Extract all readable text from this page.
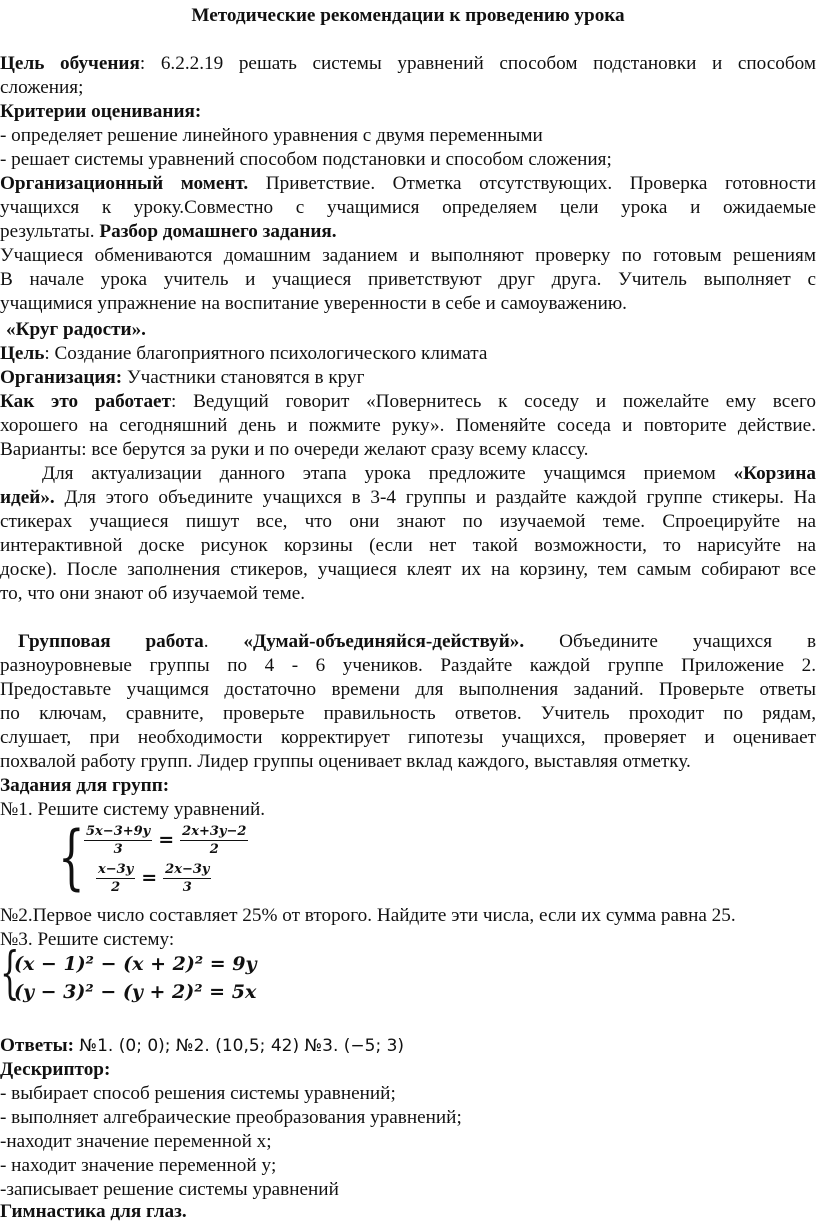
Методические рекомендации к проведению урока
Цель обучения: 6.2.2.19 решать системы уравнений способом подстановки и способом
сложения;
Критерии оценивания:
- определяет решение линейного уравнения с двумя переменными
- решает системы уравнений способом подстановки и способом сложения;
Организационный момент. Приветствие. Отметка отсутствующих. Проверка готовности
учащихся к уроку.Совместно с учащимися определяем цели урока и ожидаемые
результаты. Разбор домашнего задания.
Учащиеся обмениваются домашним заданием и выполняют проверку по готовым решениям
В начале урока учитель и учащиеся приветствуют друг друга. Учитель выполняет с
учащимися упражнение на воспитание уверенности в себе и самоуважению.
«Круг радости».
Цель: Создание благоприятного психологического климата
Организация: Участники становятся в круг
Как это работает: Ведущий говорит «Повернитесь к соседу и пожелайте ему всего
хорошего на сегодняшний день и пожмите руку». Поменяйте соседа и повторите действие.
Варианты: все берутся за руки и по очереди желают сразу всему классу.
Для актуализации данного этапа урока предложите учащимся приемом «Корзина
идей». Для этого объедините учащихся в 3-4 группы и раздайте каждой группе стикеры. На
стикерах учащиеся пишут все, что они знают по изучаемой теме. Спроецируйте на
интерактивной доске рисунок корзины (если нет такой возможности, то нарисуйте на
доске). После заполнения стикеров, учащиеся клеят их на корзину, тем самым собирают все
то, что они знают об изучаемой теме.
Групповая работа. «Думай-объединяйся-действуй». Объедините учащихся в
разноуровневые группы по 4 - 6 учеников. Раздайте каждой группе Приложение 2.
Предоставьте учащимся достаточно времени для выполнения заданий. Проверьте ответы
по ключам, сравните, проверьте правильность ответов. Учитель проходит по рядам,
слушает, при необходимости корректирует гипотезы учащихся, проверяет и оценивает
похвалой работу групп. Лидер группы оценивает вклад каждого, выставляя отметку.
Задания для групп:
№1. Решите систему уравнений.
{ $\frac{5x-3+9y}{3} = \frac{2x+3y-2}{2}$
$\frac{x-3y}{2} = \frac{2x-3y}{3}$
№2.Первое число составляет 25% от второго. Найдите эти числа, если их сумма равна 25.
№3. Решите систему:
{
(x − 1)² − (x + 2)² = 9y
(y − 3)² − (y + 2)² = 5x
Ответы: №1. (0; 0); №2. (10,5; 42) №3. (−5; 3)
Дескриптор:
- выбирает способ решения системы уравнений;
- выполняет алгебраические преобразования уравнений;
-находит значение переменной x;
- находит значение переменной y;
-записывает решение системы уравнений
Гимнастика для глаз.
